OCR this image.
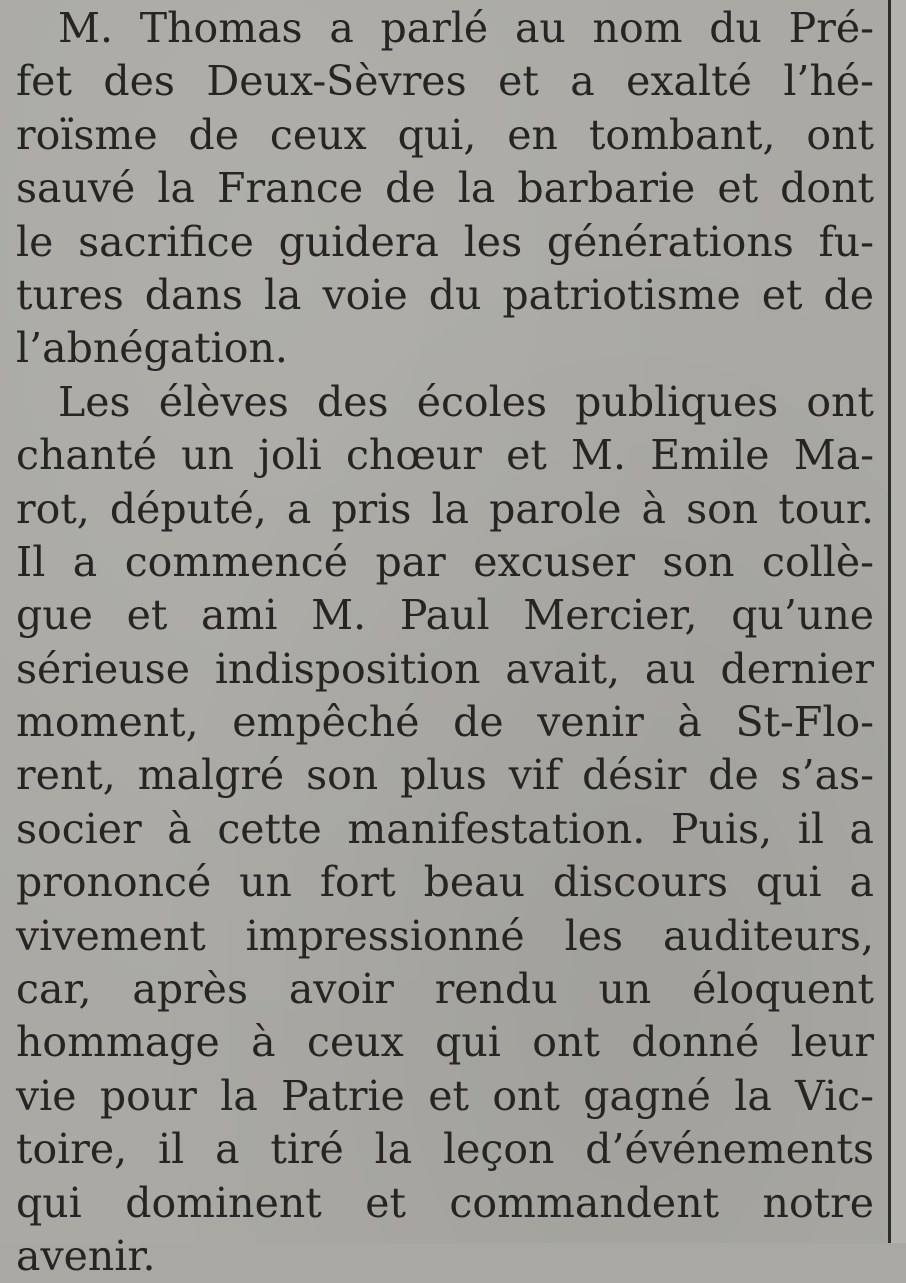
M. Thomas a parlé au nom du Pré-
fet des Deux-Sèvres et a exalté l’hé-
roïsme de ceux qui, en tombant, ont
sauvé la France de la barbarie et dont
le sacrifice guidera les générations fu-
tures dans la voie du patriotisme et de
l’abnégation.

Les élèves des écoles publiques ont
chanté un joli chœur et M. Emile Ma-
rot, député, a pris la parole à son tour.
Il a commencé par excuser son collè-
gue et ami M. Paul Mercier, qu’une
sérieuse indisposition avait, au dernier
moment, empêché de venir à St-Flo-
rent, malgré son plus vif désir de s’as-
socier à cette manifestation. Puis, il a
prononcé un fort beau discours qui a
vivement impressionné les auditeurs,
car, après avoir rendu un éloquent
hommage à ceux qui ont donné leur
vie pour la Patrie et ont gagné la Vic-
toire, il a tiré la leçon d’événements
qui dominent et commandent notre
avenir.
